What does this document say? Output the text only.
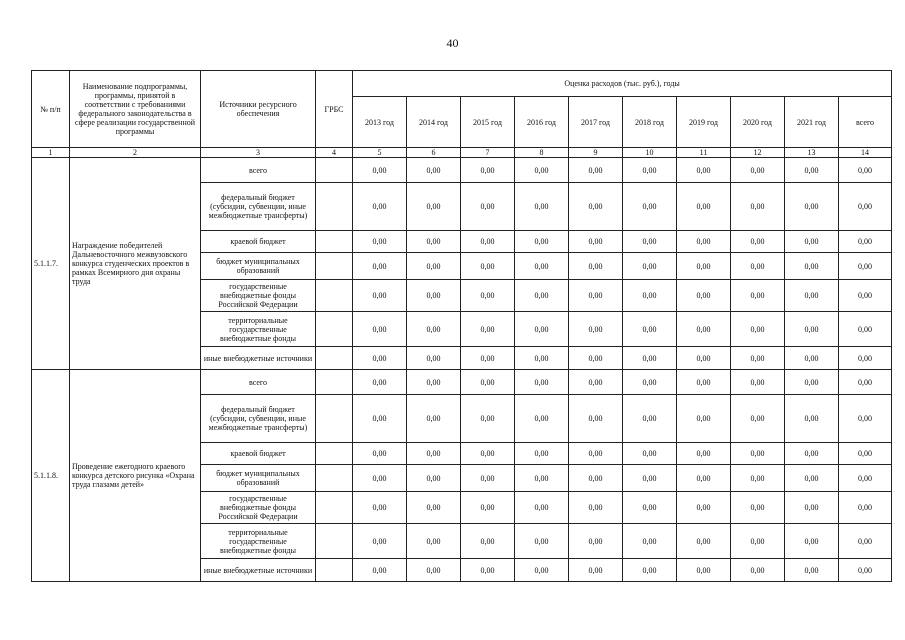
40
№ п/п	Наименование подпрограммы, программы, принятой в соответствии с требованиями федерального законодательства в сфере реализации государственной программы	Источники ресурсного обеспечения	ГРБС	Оценка расходов (тыс. руб.), годы									
				2013 год	2014 год	2015 год	2016 год	2017 год	2018 год	2019 год	2020 год	2021 год	всего
1	2	3	4	5	6	7	8	9	10	11	12	13	14
5.1.1.7.	Награждение победителей Дальневосточного межвузовского конкурса студенческих проектов в рамках Всемирного дня охраны труда	всего		0,00	0,00	0,00	0,00	0,00	0,00	0,00	0,00	0,00	0,00
		федеральный бюджет (субсидии, субвенции, иные межбюджетные трансферты)		0,00	0,00	0,00	0,00	0,00	0,00	0,00	0,00	0,00	0,00
		краевой бюджет		0,00	0,00	0,00	0,00	0,00	0,00	0,00	0,00	0,00	0,00
		бюджет муниципальных образований		0,00	0,00	0,00	0,00	0,00	0,00	0,00	0,00	0,00	0,00
		государственные внебюджетные фонды Российской Федерации		0,00	0,00	0,00	0,00	0,00	0,00	0,00	0,00	0,00	0,00
		территориальные государственные внебюджетные фонды		0,00	0,00	0,00	0,00	0,00	0,00	0,00	0,00	0,00	0,00
		иные внебюджетные источники		0,00	0,00	0,00	0,00	0,00	0,00	0,00	0,00	0,00	0,00
5.1.1.8.	Проведение ежегодного краевого конкурса детского рисунка «Охрана труда глазами детей»	всего		0,00	0,00	0,00	0,00	0,00	0,00	0,00	0,00	0,00	0,00
		федеральный бюджет (субсидии, субвенции, иные межбюджетные трансферты)		0,00	0,00	0,00	0,00	0,00	0,00	0,00	0,00	0,00	0,00
		краевой бюджет		0,00	0,00	0,00	0,00	0,00	0,00	0,00	0,00	0,00	0,00
		бюджет муниципальных образований		0,00	0,00	0,00	0,00	0,00	0,00	0,00	0,00	0,00	0,00
		государственные внебюджетные фонды Российской Федерации		0,00	0,00	0,00	0,00	0,00	0,00	0,00	0,00	0,00	0,00
		территориальные государственные внебюджетные фонды		0,00	0,00	0,00	0,00	0,00	0,00	0,00	0,00	0,00	0,00
		иные внебюджетные источники		0,00	0,00	0,00	0,00	0,00	0,00	0,00	0,00	0,00	0,00
